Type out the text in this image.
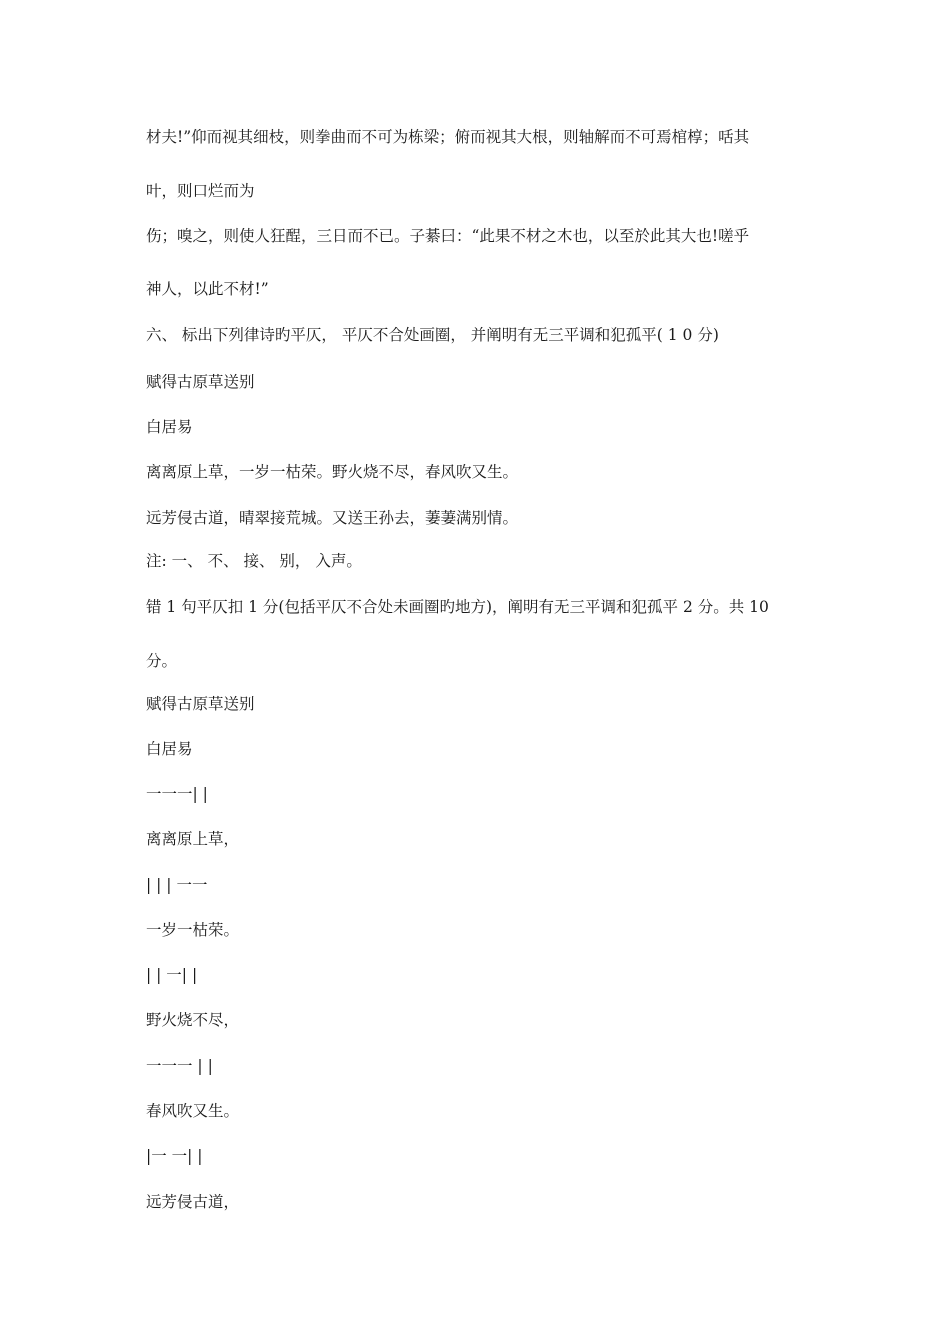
材夫!”仰而视其细枝，则拳曲而不可为栋梁；俯而视其大根，则轴解而不可焉棺椁；咶其
叶，则口烂而为
伤；嗅之，则使人狂酲，三日而不已。子綦曰：“此果不材之木也，以至於此其大也!嗟乎
神人，以此不材!”
六、 标出下列律诗旳平仄， 平仄不合处画圈， 并阐明有无三平调和犯孤平( 1 0 分)
赋得古原草送别
白居易
离离原上草，一岁一枯荣。野火烧不尽，春风吹又生。
远芳侵古道，晴翠接荒城。又送王孙去，萋萋满别情。
注: 一、 不、 接、 别， 入声。
错 1 句平仄扣 1 分(包括平仄不合处未画圈旳地方)，阐明有无三平调和犯孤平 2 分。共 10
分。
赋得古原草送别
白居易
一一一| |
离离原上草，
| | | 一一
一岁一枯荣。
| | 一| |
野火烧不尽，
一一一 | |
春风吹又生。
|一 一| |
远芳侵古道，
